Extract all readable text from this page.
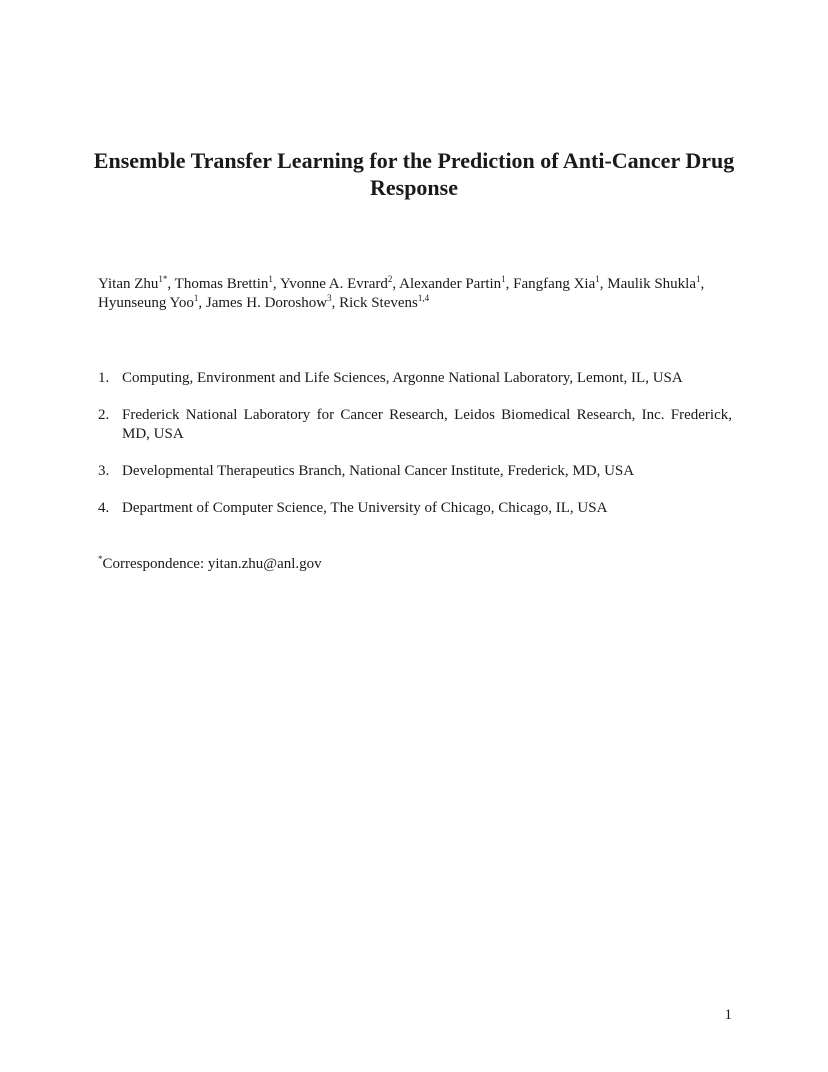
Ensemble Transfer Learning for the Prediction of Anti-Cancer Drug Response

Yitan Zhu$^{1*}$, Thomas Brettin$^1$, Yvonne A. Evrard$^2$, Alexander Partin$^1$, Fangfang Xia$^1$, Maulik Shukla$^1$, Hyunseung Yoo$^1$, James H. Doroshow$^3$, Rick Stevens$^{1,4}$

1. Computing, Environment and Life Sciences, Argonne National Laboratory, Lemont, IL, USA
2. Frederick National Laboratory for Cancer Research, Leidos Biomedical Research, Inc. Frederick, MD, USA
3. Developmental Therapeutics Branch, National Cancer Institute, Frederick, MD, USA
4. Department of Computer Science, The University of Chicago, Chicago, IL, USA

*Correspondence: yitan.zhu@anl.gov

1
